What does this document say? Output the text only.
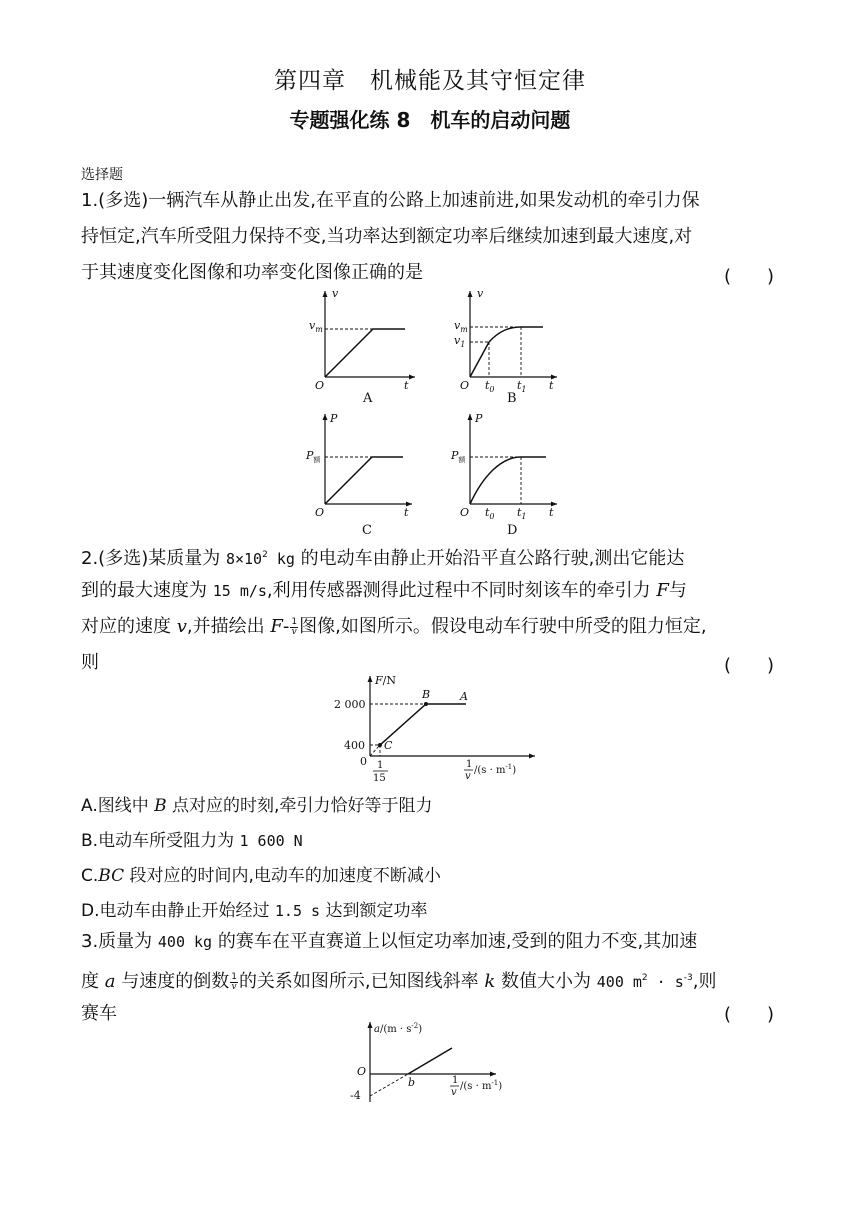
第四章　机械能及其守恒定律
专题强化练 8　机车的启动问题
选择题
1.(多选)一辆汽车从静止出发,在平直的公路上加速前进,如果发动机的牵引力保
持恒定,汽车所受阻力保持不变,当功率达到额定功率后继续加速到最大速度,对
于其速度变化图像和功率变化图像正确的是	(　　)
v
t
O
$v_m$
A
v
t
O
$v_m$
$v_1$
$t_0$ $t_1$
B
P
t
O
$P_额$
C
P
t
O
$P_额$
$t_0$ $t_1$
D
2.(多选)某质量为 $8\times 10^2$ kg 的电动车由静止开始沿平直公路行驶,测出它能达
到的最大速度为 15 m/s,利用传感器测得此过程中不同时刻该车的牵引力 F与
对应的速度 v,并描绘出 $F- \frac{1}{v}$ 图像,如图所示。假设电动车行驶中所受的阻力恒定,
则	(　　)
F/N
2 000
400
0
B	A
C
1
15
1
v
$/(s \cdot m^{-1})$
A.图线中 B 点对应的时刻,牵引力恰好等于阻力
B.电动车所受阻力为 1 600 N
C.BC 段对应的时间内,电动车的加速度不断减小
D.电动车由静止开始经过 1.5 s 达到额定功率
3.质量为 400 kg 的赛车在平直赛道上以恒定功率加速,受到的阻力不变,其加速
度 a 与速度的倒数 $\frac{1}{v}$ 的关系如图所示,已知图线斜率 k 数值大小为 400 $m^2 \cdot s^{-3}$,则
赛车	(　　)
$a/(m \cdot s^{-2})$
O
-4
b	1
v
$/(s \cdot m^{-1})$
